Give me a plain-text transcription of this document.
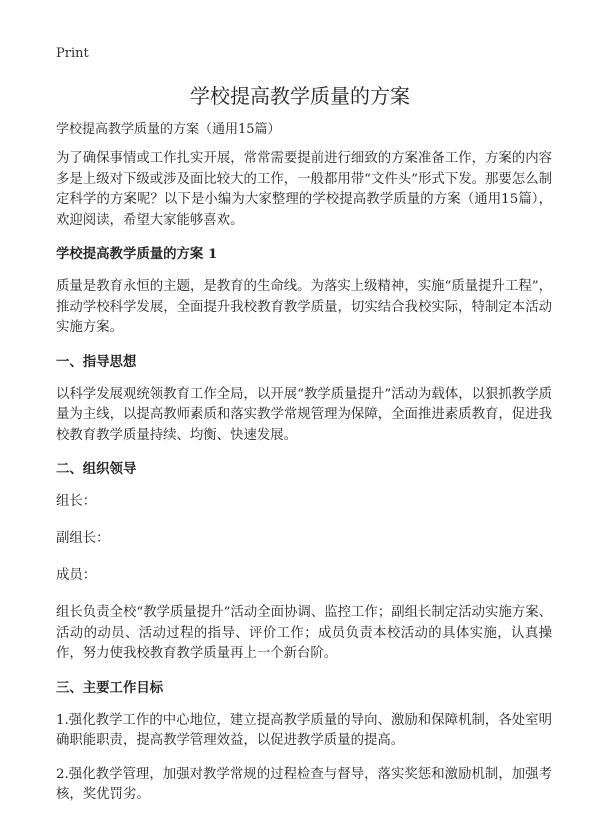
Print
学校提高教学质量的方案
学校提高教学质量的方案（通用15篇）

为了确保事情或工作扎实开展，常常需要提前进行细致的方案准备工作，方案的内容多是上级对下级或涉及面比较大的工作，一般都用带“文件头”形式下发。那要怎么制定科学的方案呢？以下是小编为大家整理的学校提高教学质量的方案（通用15篇），欢迎阅读，希望大家能够喜欢。

学校提高教学质量的方案 1

质量是教育永恒的主题，是教育的生命线。为落实上级精神，实施“质量提升工程”，推动学校科学发展，全面提升我校教育教学质量，切实结合我校实际，特制定本活动实施方案。

一、指导思想

以科学发展观统领教育工作全局，以开展“教学质量提升”活动为载体，以狠抓教学质量为主线，以提高教师素质和落实教学常规管理为保障，全面推进素质教育，促进我校教育教学质量持续、均衡、快速发展。

二、组织领导

组长：

副组长：

成员：

组长负责全校“教学质量提升”活动全面协调、监控工作；副组长制定活动实施方案、活动的动员、活动过程的指导、评价工作；成员负责本校活动的具体实施，认真操作，努力使我校教育教学质量再上一个新台阶。

三、主要工作目标

1.强化教学工作的中心地位，建立提高教学质量的导向、激励和保障机制，各处室明确职能职责，提高教学管理效益，以促进教学质量的提高。

2.强化教学管理，加强对教学常规的过程检查与督导，落实奖惩和激励机制，加强考核，奖优罚劣。
